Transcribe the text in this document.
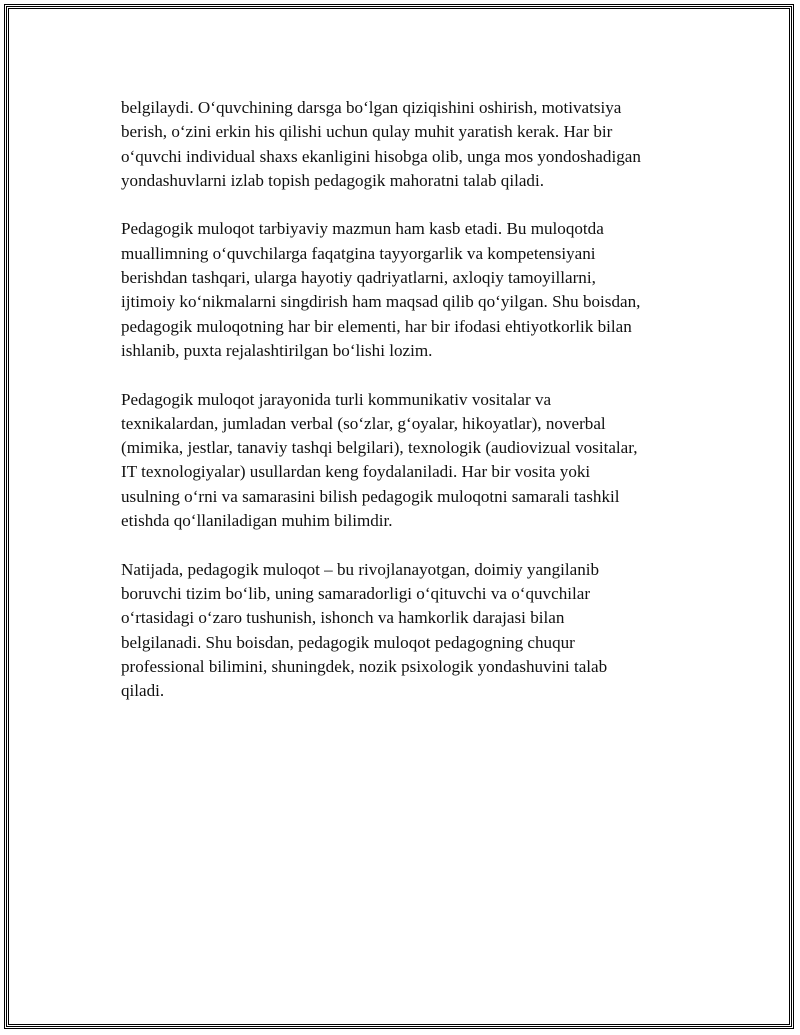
belgilaydi. O‘quvchining darsga bo‘lgan qiziqishini oshirish, motivatsiya
berish, o‘zini erkin his qilishi uchun qulay muhit yaratish kerak. Har bir
o‘quvchi individual shaxs ekanligini hisobga olib, unga mos yondoshadigan
yondashuvlarni izlab topish pedagogik mahoratni talab qiladi.

Pedagogik muloqot tarbiyaviy mazmun ham kasb etadi. Bu muloqotda
muallimning o‘quvchilarga faqatgina tayyorgarlik va kompetensiyani
berishdan tashqari, ularga hayotiy qadriyatlarni, axloqiy tamoyillarni,
ijtimoiy ko‘nikmalarni singdirish ham maqsad qilib qo‘yilgan. Shu boisdan,
pedagogik muloqotning har bir elementi, har bir ifodasi ehtiyotkorlik bilan
ishlanib, puxta rejalashtirilgan bo‘lishi lozim.

Pedagogik muloqot jarayonida turli kommunikativ vositalar va
texnikalardan, jumladan verbal (so‘zlar, g‘oyalar, hikoyatlar), noverbal
(mimika, jestlar, tanaviy tashqi belgilari), texnologik (audiovizual vositalar,
IT texnologiyalar) usullardan keng foydalaniladi. Har bir vosita yoki
usulning o‘rni va samarasini bilish pedagogik muloqotni samarali tashkil
etishda qo‘llaniladigan muhim bilimdir.

Natijada, pedagogik muloqot – bu rivojlanayotgan, doimiy yangilanib
boruvchi tizim bo‘lib, uning samaradorligi o‘qituvchi va o‘quvchilar
o‘rtasidagi o‘zaro tushunish, ishonch va hamkorlik darajasi bilan
belgilanadi. Shu boisdan, pedagogik muloqot pedagogning chuqur
professional bilimini, shuningdek, nozik psixologik yondashuvini talab
qiladi.
